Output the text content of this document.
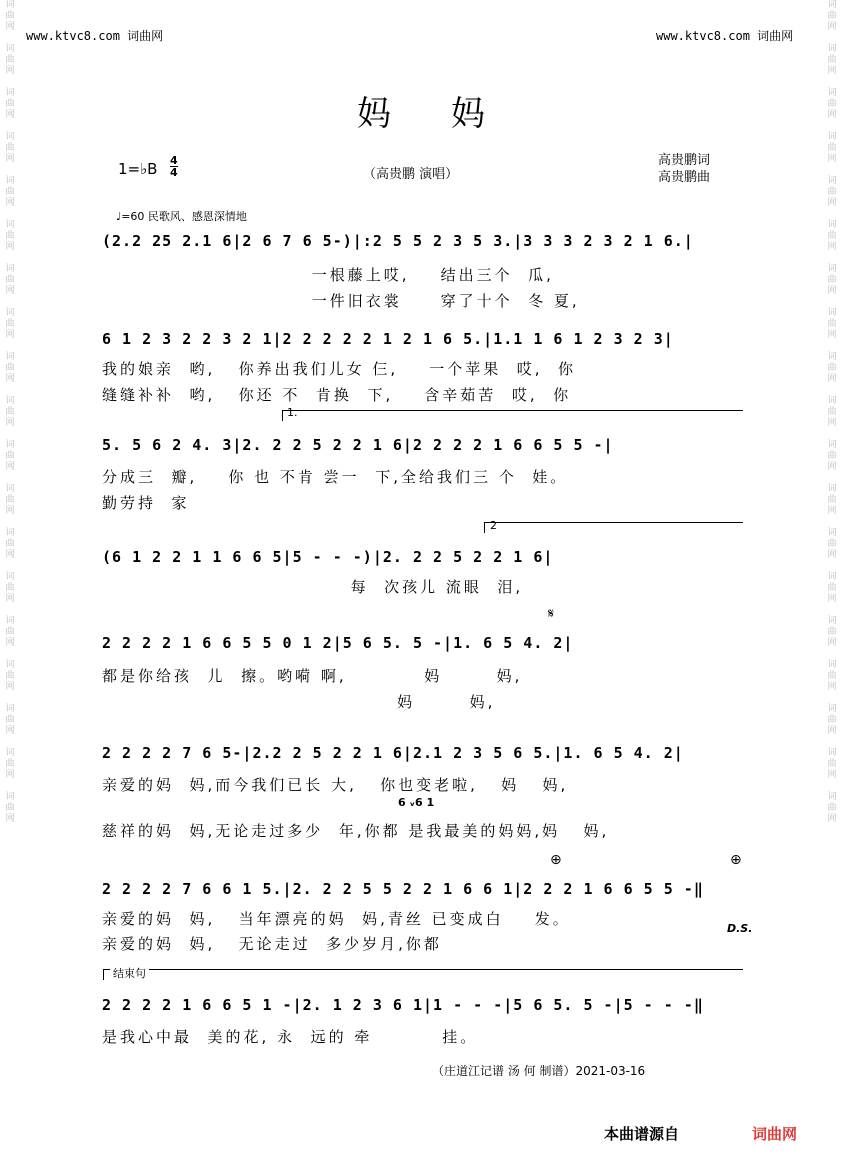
词
曲
网

词
曲
网

词
曲
网

词
曲
网

词
曲
网

词
曲
网

词
曲
网

词
曲
网

词
曲
网

词
曲
网

词
曲
网

词
曲
网

词
曲
网

词
曲
网

词
曲
网

词
曲
网

词
曲
网

词
曲
网

词
曲
网
词
曲
网

词
曲
网

词
曲
网

词
曲
网

词
曲
网

词
曲
网

词
曲
网

词
曲
网

词
曲
网

词
曲
网

词
曲
网

词
曲
网

词
曲
网

词
曲
网

词
曲
网

词
曲
网

词
曲
网

词
曲
网

词
曲
网
www.ktvc8.com 词曲网	www.ktvc8.com 词曲网
妈妈
1=♭B 4
4	（高贵鹏 演唱）
高贵鹏词
高贵鹏曲
♩=60 民歌风、感恩深情地
(2.2 25 2.1 6|2 6 7 6 5-)|:2 5 5 2 3 5 3.|3 3 3 2 3 2 1 6.|
一根藤上哎,    结出三个  瓜,
一件旧衣裳     穿了十个  冬 夏,
6 1 2 3 2 2 3 2 1|2 2 2 2 2 1 2 1 6 5.|1.1 1 6 1 2 3 2 3|
我的娘亲  哟,   你养出我们儿女 仨,    一个苹果  哎,  你
缝缝补补  哟,   你还 不  肯换  下,    含辛茹苦  哎,  你
1.
5. 5 6 2 4. 3|2. 2 2 5 2 2 1 6|2 2 2 2 1 6 6 5 5 -|
分成三  瓣,    你 也 不肯 尝一  下,全给我们三 个  娃。
勤劳持  家
2
(6 1 2 2 1 1 6 6 5|5 - - -)|2. 2 2 5 2 2 1 6|
每  次孩儿 流眼  泪,
𝄋
2 2 2 2 1 6 6 5 5 0 1 2|5 6 5. 5 -|1. 6 5 4. 2|
都是你给孩  儿  擦。哟嗬 啊,          妈       妈,
妈       妈,
2 2 2 2 7 6 5-|2.2 2 5 2 2 1 6|2.1 2 3 5 6 5.|1. 6 5 4. 2|
亲爱的妈  妈,而今我们已长 大,   你也变老啦,   妈   妈,
6 ᵥ6 1
慈祥的妈  妈,无论走过多少  年,你都 是我最美的妈妈,妈   妈,
⊕	⊕
2 2 2 2 7 6 6 1 5.|2. 2 2 5 5 2 2 1 6 6 1|2 2 2 1 6 6 5 5 -‖
D.S.
亲爱的妈  妈,   当年漂亮的妈  妈,青丝 已变成白    发。
亲爱的妈  妈,   无论走过  多少岁月,你都
结束句
2 2 2 2 1 6 6 5 1 -|2. 1 2 3 6 1|1 - - -|5 6 5. 5 -|5 - - -‖
是我心中最  美的花, 永  远的 牵         挂。
（庄道江记谱 汤 何 制谱）2021-03-16
本曲谱源自	词曲网
